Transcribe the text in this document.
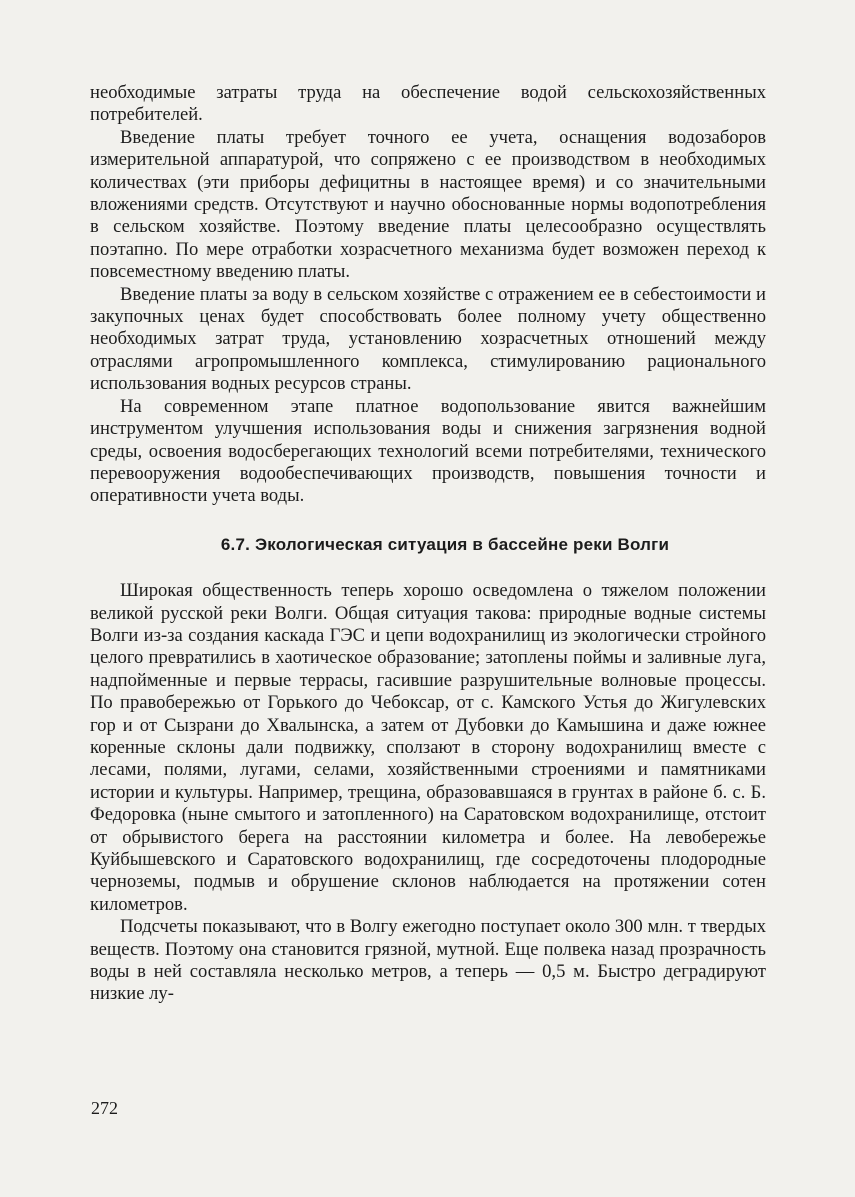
необходимые затраты труда на обеспечение водой сельскохозяйственных потребителей.

Введение платы требует точного ее учета, оснащения водозаборов измерительной аппаратурой, что сопряжено с ее производством в необходимых количествах (эти приборы дефицитны в настоящее время) и со значительными вложениями средств. Отсутствуют и научно обоснованные нормы водопотребления в сельском хозяйстве. Поэтому введение платы целесообразно осуществлять поэтапно. По мере отработки хозрасчетного механизма будет возможен переход к повсеместному введению платы.

Введение платы за воду в сельском хозяйстве с отражением ее в себестоимости и закупочных ценах будет способствовать более полному учету общественно необходимых затрат труда, установлению хозрасчетных отношений между отраслями агропромышленного комплекса, стимулированию рационального использования водных ресурсов страны.

На современном этапе платное водопользование явится важнейшим инструментом улучшения использования воды и снижения загрязнения водной среды, освоения водосберегающих технологий всеми потребителями, технического перевооружения водообеспечивающих производств, повышения точности и оперативности учета воды.

6.7. Экологическая ситуация в бассейне реки Волги

Широкая общественность теперь хорошо осведомлена о тяжелом положении великой русской реки Волги. Общая ситуация такова: природные водные системы Волги из-за создания каскада ГЭС и цепи водохранилищ из экологически стройного целого превратились в хаотическое образование; затоплены поймы и заливные луга, надпойменные и первые террасы, гасившие разрушительные волновые процессы. По правобережью от Горького до Чебоксар, от с. Камского Устья до Жигулевских гор и от Сызрани до Хвалынска, а затем от Дубовки до Камышина и даже южнее коренные склоны дали подвижку, сползают в сторону водохранилищ вместе с лесами, полями, лугами, селами, хозяйственными строениями и памятниками истории и культуры. Например, трещина, образовавшаяся в грунтах в районе б. с. Б. Федоровка (ныне смытого и затопленного) на Саратовском водохранилище, отстоит от обрывистого берега на расстоянии километра и более. На левобережье Куйбышевского и Саратовского водохранилищ, где сосредоточены плодородные черноземы, подмыв и обрушение склонов наблюдается на протяжении сотен километров.

Подсчеты показывают, что в Волгу ежегодно поступает около 300 млн. т твердых веществ. Поэтому она становится грязной, мутной. Еще полвека назад прозрачность воды в ней составляла несколько метров, а теперь — 0,5 м. Быстро деградируют низкие лу-

272
